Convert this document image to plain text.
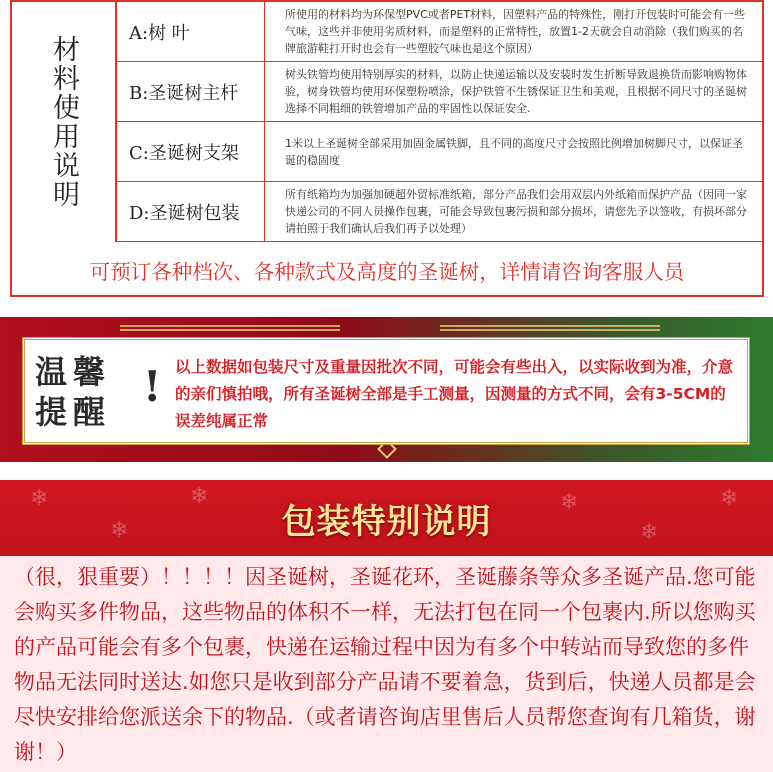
材料使用说明
A:树 叶
所使用的材料均为环保型PVC或者PET材料，因塑料产品的特殊性，刚打开包装时可能会有一些气味，这些并非使用劣质材料，而是塑料的正常特性，放置1-2天就会自动消除（我们购买的名牌旅游鞋打开时也会有一些塑胶气味也是这个原因）
B:圣诞树主杆
树头铁管均使用特别厚实的材料，以防止快递运输以及安装时发生折断导致退换货而影响购物体验，树身铁管均使用环保塑粉喷涂，保护铁管不生锈保证卫生和美观，且根据不同尺寸的圣诞树选择不同粗细的铁管增加产品的牢固性以保证安全.
C:圣诞树支架	1米以上圣诞树全部采用加固金属铁脚，且不同的高度尺寸会按照比例增加树脚尺寸，以保证圣诞的稳固度
D:圣诞树包装
所有纸箱均为加强加硬超外贸标准纸箱，部分产品我们会用双层内外纸箱而保护产品（因同一家快递公司的不同人员操作包裹，可能会导致包裹污损和部分损坏，请您先予以签收，有损坏部分请拍照于我们确认后我们再予以处理）
可预订各种档次、各种款式及高度的圣诞树，详情请咨询客服人员
温馨
提醒
! 以上数据如包装尺寸及重量因批次不同，可能会有些出入，以实际收到为准，介意的亲们慎拍哦，所有圣诞树全部是手工测量，因测量的方式不同，会有3-5CM的误差纯属正常
❄
❄
❄	❄
❄
❄
包装特别说明
（很，狠重要）！！！！因圣诞树，圣诞花环，圣诞藤条等众多圣诞产品.您可能会购买多件物品，这些物品的体积不一样，无法打包在同一个包裹内.所以您购买的产品可能会有多个包裹，快递在运输过程中因为有多个中转站而导致您的多件物品无法同时送达.如您只是收到部分产品请不要着急，货到后，快递人员都是会尽快安排给您派送余下的物品.（或者请咨询店里售后人员帮您查询有几箱货，谢谢！）
